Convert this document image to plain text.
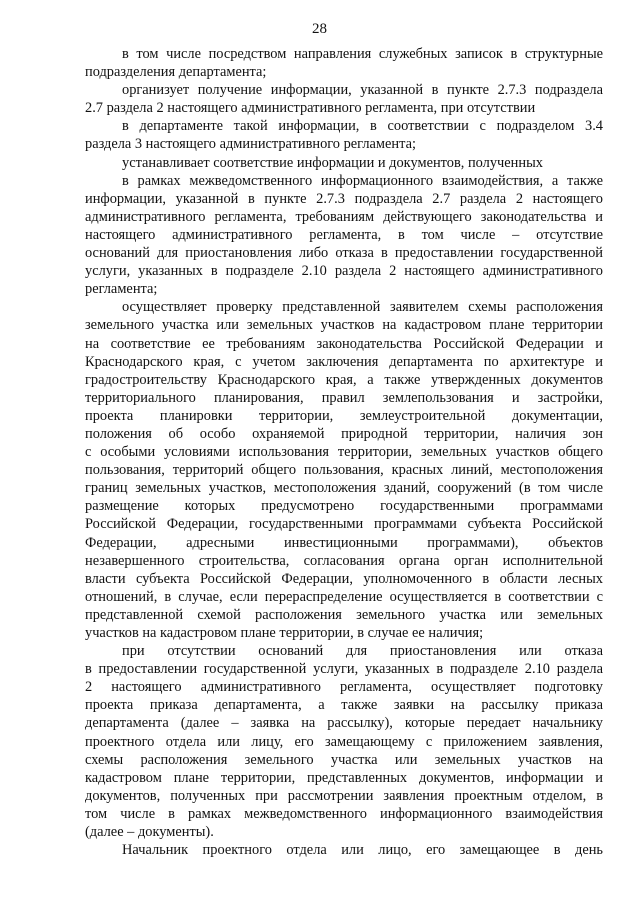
28
в том числе посредством направления служебных записок в структурные
подразделения департамента;
организует получение информации, указанной в пункте 2.7.3 подраздела
2.7 раздела 2 настоящего административного регламента, при отсутствии
в департаменте такой информации, в соответствии с подразделом 3.4
раздела 3 настоящего административного регламента;
устанавливает соответствие информации и документов, полученных
в рамках межведомственного информационного взаимодействия, а также
информации, указанной в пункте 2.7.3 подраздела 2.7 раздела 2 настоящего
административного регламента, требованиям действующего законодательства и
настоящего административного регламента, в том числе – отсутствие
оснований для приостановления либо отказа в предоставлении государственной
услуги, указанных в подразделе 2.10 раздела 2 настоящего административного
регламента;
осуществляет проверку представленной заявителем схемы расположения
земельного участка или земельных участков на кадастровом плане территории
на соответствие ее требованиям законодательства Российской Федерации и
Краснодарского края, с учетом заключения департамента по архитектуре и
градостроительству Краснодарского края, а также утвержденных документов
территориального планирования, правил землепользования и застройки,
проекта планировки территории, землеустроительной документации,
положения об особо охраняемой природной территории, наличия зон
с особыми условиями использования территории, земельных участков общего
пользования, территорий общего пользования, красных линий, местоположения
границ земельных участков, местоположения зданий, сооружений (в том числе
размещение которых предусмотрено государственными программами
Российской Федерации, государственными программами субъекта Российской
Федерации, адресными инвестиционными программами), объектов
незавершенного строительства, согласования органа орган исполнительной
власти субъекта Российской Федерации, уполномоченного в области лесных
отношений, в случае, если перераспределение осуществляется в соответствии с
представленной схемой расположения земельного участка или земельных
участков на кадастровом плане территории, в случае ее наличия;
при отсутствии оснований для приостановления или отказа
в предоставлении государственной услуги, указанных в подразделе 2.10 раздела
2 настоящего административного регламента, осуществляет подготовку
проекта приказа департамента, а также заявки на рассылку приказа
департамента (далее – заявка на рассылку), которые передает начальнику
проектного отдела или лицу, его замещающему с приложением заявления,
схемы расположения земельного участка или земельных участков на
кадастровом плане территории, представленных документов, информации и
документов, полученных при рассмотрении заявления проектным отделом, в
том числе в рамках межведомственного информационного взаимодействия
(далее – документы).
Начальник проектного отдела или лицо, его замещающее в день
